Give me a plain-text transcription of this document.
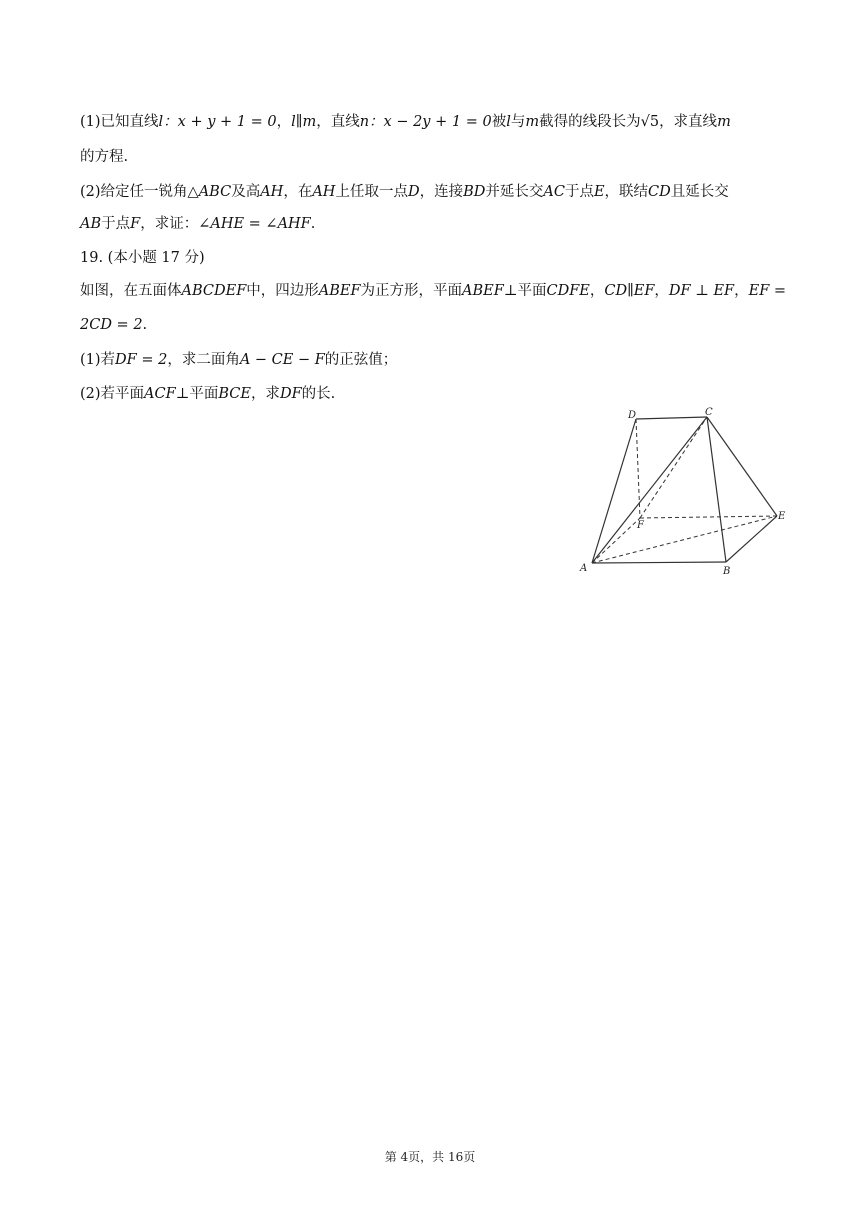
(1)已知直线l：x + y + 1 = 0，l∥m，直线n：x − 2y + 1 = 0被l与m截得的线段长为√5，求直线m
的方程.
(2)给定任一锐角△ABC及高AH，在AH上任取一点D，连接BD并延长交AC于点E，联结CD且延长交
AB于点F，求证：∠AHE = ∠AHF.
19. (本小题 17 分)
如图，在五面体ABCDEF中，四边形ABEF为正方形，平面ABEF⊥平面CDFE，CD∥EF，DF ⊥ EF，EF =
2CD = 2.
(1)若DF = 2，求二面角A − CE − F的正弦值；
(2)若平面ACF⊥平面BCE，求DF的长.
D	C
F
E
A	B
第 4页，共 16页
